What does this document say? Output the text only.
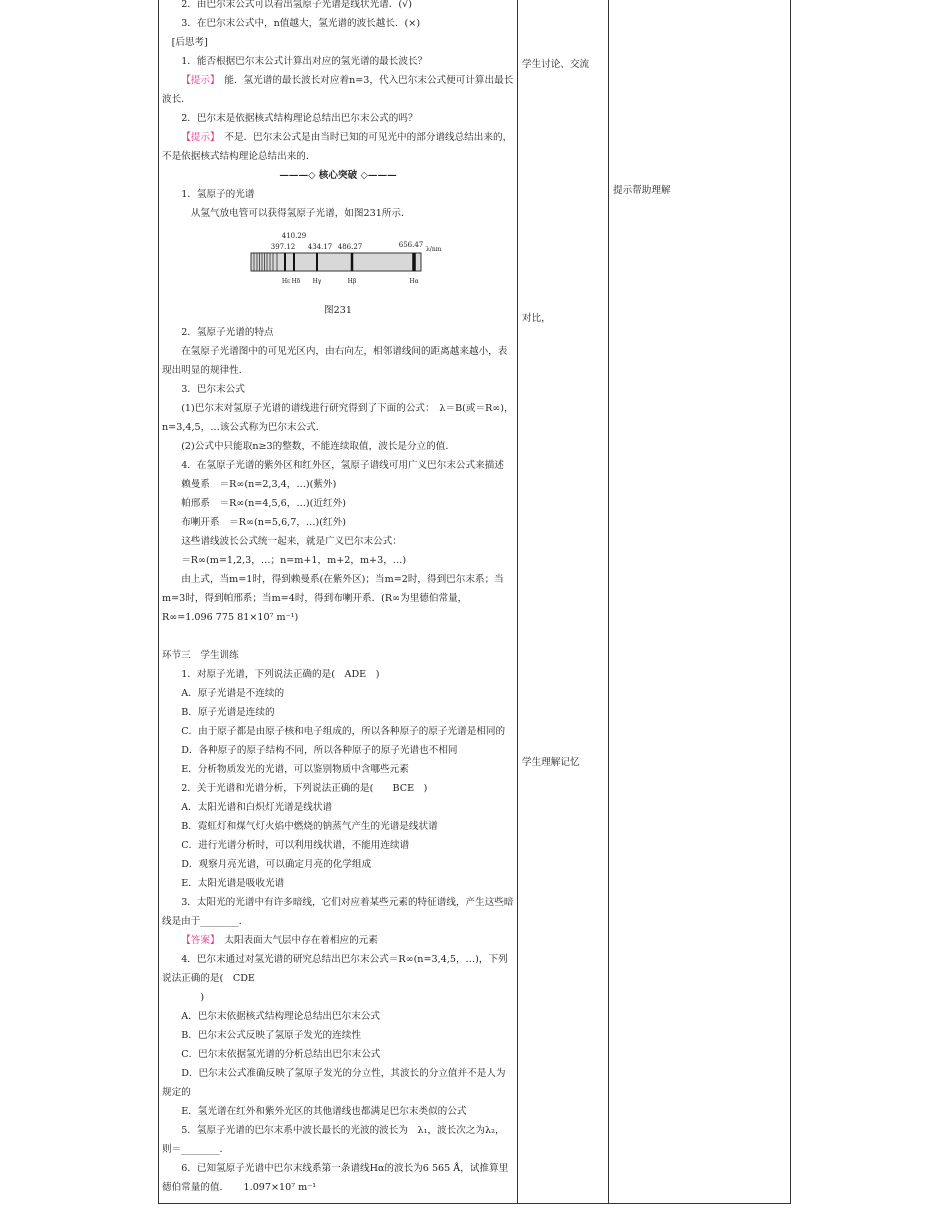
2．由巴尔末公式可以看出氢原子光谱是线状光谱．(√)

3．在巴尔末公式中，n值越大，氢光谱的波长越长．(×)

[后思考]

1．能否根据巴尔末公式计算出对应的氢光谱的最长波长？

【提示】　 能．氢光谱的最长波长对应着n=3，代入巴尔末公式便可计算出最长波长．

2．巴尔末是依据核式结构理论总结出巴尔末公式的吗？

【提示】　 不是．巴尔末公式是由当时已知的可见光中的部分谱线总结出来的，不是依据核式结构理论总结出来的．

———◇ 核心突破 ◇———

1．氢原子的光谱

从氢气放电管可以获得氢原子光谱，如图231所示．

410.29
397.12 434.17 486.27	656.47
λ/nm
Hε Hδ Hγ	Hβ	Hα

图231

2．氢原子光谱的特点

在氢原子光谱图中的可见光区内，由右向左，相邻谱线间的距离越来越小，表现出明显的规律性．

3．巴尔末公式

(1)巴尔末对氢原子光谱的谱线进行研究得到了下面的公式：　λ＝B(或＝R∞)，n=3,4,5，…该公式称为巴尔末公式．

(2)公式中只能取n≥3的整数，不能连续取值，波长是分立的值．

4．在氢原子光谱的紫外区和红外区，氢原子谱线可用广义巴尔末公式来描述

赖曼系　＝R∞(n=2,3,4，…)(紫外)

帕邢系　＝R∞(n=4,5,6，…)(近红外)

布喇开系　＝R∞(n=5,6,7，…)(红外)

这些谱线波长公式统一起来，就是广义巴尔末公式：

＝R∞(m=1,2,3，…；n=m+1，m+2，m+3，…)

由上式，当m=1时，得到赖曼系(在紫外区)；当m=2时，得到巴尔末系；当m=3时，得到帕邢系；当m=4时，得到布喇开系．(R∞为里德伯常量，R∞=1.096 775 81×10⁷ m⁻¹)

环节三　学生训练

1．对原子光谱，下列说法正确的是(　ADE　)

A．原子光谱是不连续的

B．原子光谱是连续的

C．由于原子都是由原子核和电子组成的，所以各种原子的原子光谱是相同的

D．各种原子的原子结构不同，所以各种原子的原子光谱也不相同

E．分析物质发光的光谱，可以鉴别物质中含哪些元素

2．关于光谱和光谱分析，下列说法正确的是(　　BCE　)

A．太阳光谱和白炽灯光谱是线状谱

B．霓虹灯和煤气灯火焰中燃烧的钠蒸气产生的光谱是线状谱

C．进行光谱分析时，可以利用线状谱，不能用连续谱

D．观察月亮光谱，可以确定月亮的化学组成

E．太阳光谱是吸收光谱

3．太阳光的光谱中有许多暗线，它们对应着某些元素的特征谱线，产生这些暗线是由于________．

【答案】　 太阳表面大气层中存在着相应的元素

4．巴尔末通过对氢光谱的研究总结出巴尔末公式＝R∞(n=3,4,5，…)，下列说法正确的是(　CDE

　　)

A．巴尔末依据核式结构理论总结出巴尔末公式

B．巴尔末公式反映了氢原子发光的连续性

C．巴尔末依据氢光谱的分析总结出巴尔末公式

D．巴尔末公式准确反映了氢原子发光的分立性，其波长的分立值并不是人为规定的

E．氢光谱在红外和紫外光区的其他谱线也都满足巴尔末类似的公式

5．氢原子光谱的巴尔末系中波长最长的光波的波长为　λ₁，波长次之为λ₂，则＝________．

6．已知氢原子光谱中巴尔末线系第一条谱线Hα的波长为6 565 Å，试推算里德伯常量的值．　　1.097×10⁷ m⁻¹

学生讨论、交流
提示帮助理解
对比，
学生理解记忆
